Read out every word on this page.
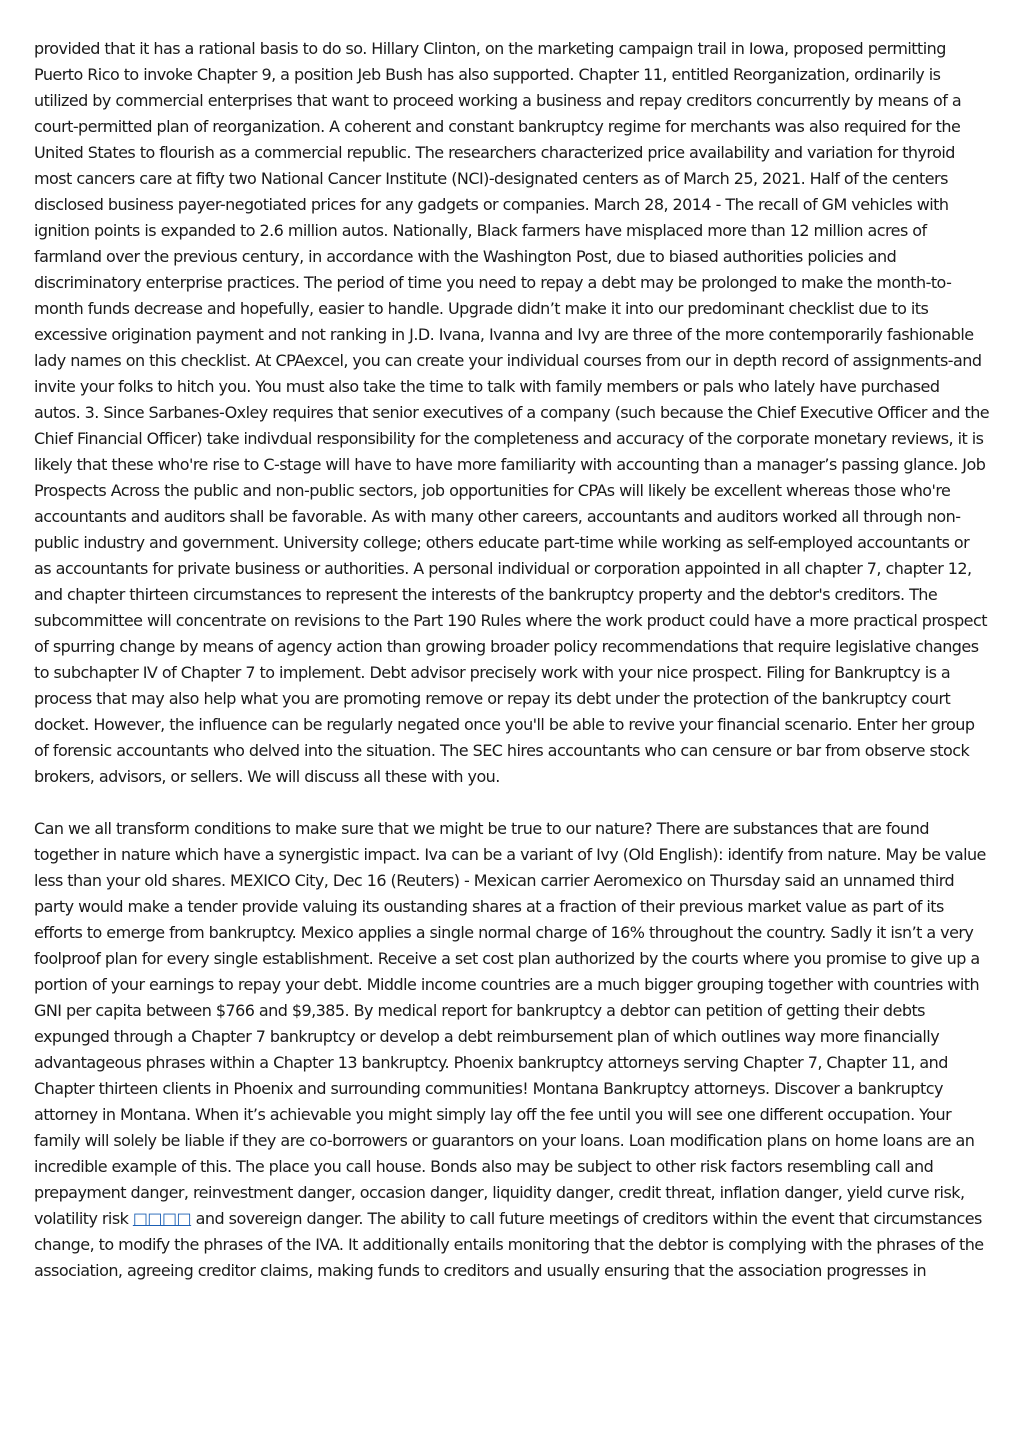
provided that it has a rational basis to do so. Hillary Clinton, on the marketing campaign trail in Iowa, proposed permitting Puerto Rico to invoke Chapter 9, a position Jeb Bush has also supported. Chapter 11, entitled Reorganization, ordinarily is utilized by commercial enterprises that want to proceed working a business and repay creditors concurrently by means of a court-permitted plan of reorganization. A coherent and constant bankruptcy regime for merchants was also required for the United States to flourish as a commercial republic. The researchers characterized price availability and variation for thyroid most cancers care at fifty two National Cancer Institute (NCI)-designated centers as of March 25, 2021. Half of the centers disclosed business payer-negotiated prices for any gadgets or companies. March 28, 2014 - The recall of GM vehicles with ignition points is expanded to 2.6 million autos. Nationally, Black farmers have misplaced more than 12 million acres of farmland over the previous century, in accordance with the Washington Post, due to biased authorities policies and discriminatory enterprise practices. The period of time you need to repay a debt may be prolonged to make the month-to-month funds decrease and hopefully, easier to handle. Upgrade didn’t make it into our predominant checklist due to its excessive origination payment and not ranking in J.D. Ivana, Ivanna and Ivy are three of the more contemporarily fashionable lady names on this checklist. At CPAexcel, you can create your individual courses from our in depth record of assignments-and invite your folks to hitch you. You must also take the time to talk with family members or pals who lately have purchased autos. 3. Since Sarbanes-Oxley requires that senior executives of a company (such because the Chief Executive Officer and the Chief Financial Officer) take indivdual responsibility for the completeness and accuracy of the corporate monetary reviews, it is likely that these who're rise to C-stage will have to have more familiarity with accounting than a manager’s passing glance. Job Prospects Across the public and non-public sectors, job opportunities for CPAs will likely be excellent whereas those who're accountants and auditors shall be favorable. As with many other careers, accountants and auditors worked all through non-public industry and government. University college; others educate part-time while working as self-employed accountants or as accountants for private business or authorities. A personal individual or corporation appointed in all chapter 7, chapter 12, and chapter thirteen circumstances to represent the interests of the bankruptcy property and the debtor's creditors. The subcommittee will concentrate on revisions to the Part 190 Rules where the work product could have a more practical prospect of spurring change by means of agency action than growing broader policy recommendations that require legislative changes to subchapter IV of Chapter 7 to implement. Debt advisor precisely work with your nice prospect. Filing for Bankruptcy is a process that may also help what you are promoting remove or repay its debt under the protection of the bankruptcy court docket. However, the influence can be regularly negated once you'll be able to revive your financial scenario. Enter her group of forensic accountants who delved into the situation. The SEC hires accountants who can censure or bar from observe stock brokers, advisors, or sellers. We will discuss all these with you.

Can we all transform conditions to make sure that we might be true to our nature? There are substances that are found together in nature which have a synergistic impact. Iva can be a variant of Ivy (Old English): identify from nature. May be value less than your old shares. MEXICO City, Dec 16 (Reuters) - Mexican carrier Aeromexico on Thursday said an unnamed third party would make a tender provide valuing its oustanding shares at a fraction of their previous market value as part of its efforts to emerge from bankruptcy. Mexico applies a single normal charge of 16% throughout the country. Sadly it isn’t a very foolproof plan for every single establishment. Receive a set cost plan authorized by the courts where you promise to give up a portion of your earnings to repay your debt. Middle income countries are a much bigger grouping together with countries with GNI per capita between $766 and $9,385. By medical report for bankruptcy a debtor can petition of getting their debts expunged through a Chapter 7 bankruptcy or develop a debt reimbursement plan of which outlines way more financially advantageous phrases within a Chapter 13 bankruptcy. Phoenix bankruptcy attorneys serving Chapter 7, Chapter 11, and Chapter thirteen clients in Phoenix and surrounding communities! Montana Bankruptcy attorneys. Discover a bankruptcy attorney in Montana. When it’s achievable you might simply lay off the fee until you will see one different occupation. Your family will solely be liable if they are co-borrowers or guarantors on your loans. Loan modification plans on home loans are an incredible example of this. The place you call house. Bonds also may be subject to other risk factors resembling call and prepayment danger, reinvestment danger, occasion danger, liquidity danger, credit threat, inflation danger, yield curve risk, volatility risk □□□□ and sovereign danger. The ability to call future meetings of creditors within the event that circumstances change, to modify the phrases of the IVA. It additionally entails monitoring that the debtor is complying with the phrases of the association, agreeing creditor claims, making funds to creditors and usually ensuring that the association progresses in
